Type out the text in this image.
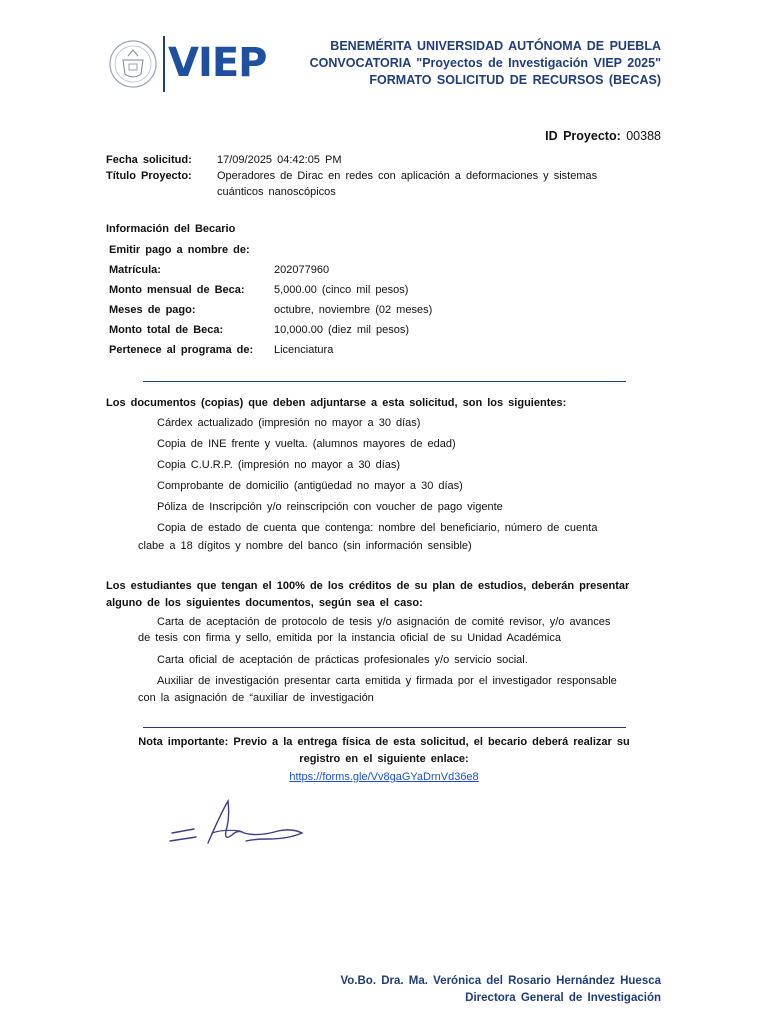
VIEP	BENEMÉRITA UNIVERSIDAD AUTÓNOMA DE PUEBLA
CONVOCATORIA "Proyectos de Investigación VIEP 2025"
FORMATO SOLICITUD DE RECURSOS (BECAS)
ID Proyecto: 00388
Fecha solicitud: 17/09/2025 04:42:05 PM
Título Proyecto: Operadores de Dirac en redes con aplicación a deformaciones y sistemas
cuánticos nanoscópicos
Información del Becario
Emitir pago a nombre de:
Matrícula:	202077960
Monto mensual de Beca:	5,000.00 (cinco mil pesos)
Meses de pago:	octubre, noviembre (02 meses)
Monto total de Beca:	10,000.00 (diez mil pesos)
Pertenece al programa de: Licenciatura
Los documentos (copias) que deben adjuntarse a esta solicitud, son los siguientes:
Cárdex actualizado (impresión no mayor a 30 días)
Copia de INE frente y vuelta. (alumnos mayores de edad)
Copia C.U.R.P. (impresión no mayor a 30 días)
Comprobante de domicilio (antigüedad no mayor a 30 días)
Póliza de Inscripción y/o reinscripción con voucher de pago vigente
Copia de estado de cuenta que contenga: nombre del beneficiario, número de cuenta
clabe a 18 dígitos y nombre del banco (sin información sensible)
Los estudiantes que tengan el 100% de los créditos de su plan de estudios, deberán presentar
alguno de los siguientes documentos, según sea el caso:
Carta de aceptación de protocolo de tesis y/o asignación de comité revisor, y/o avances
de tesis con firma y sello, emitida por la instancia oficial de su Unidad Académica
Carta oficial de aceptación de prácticas profesionales y/o servicio social.
Auxiliar de investigación presentar carta emitida y firmada por el investigador responsable
con la asignación de “auxiliar de investigación
Nota importante: Previo a la entrega física de esta solicitud, el becario deberá realizar su
registro en el siguiente enlace:
https://forms.gle/Vv8gaGYaDrnVd36e8
Vo.Bo. Dra. Ma. Verónica del Rosario Hernández Huesca
Directora General de Investigación
